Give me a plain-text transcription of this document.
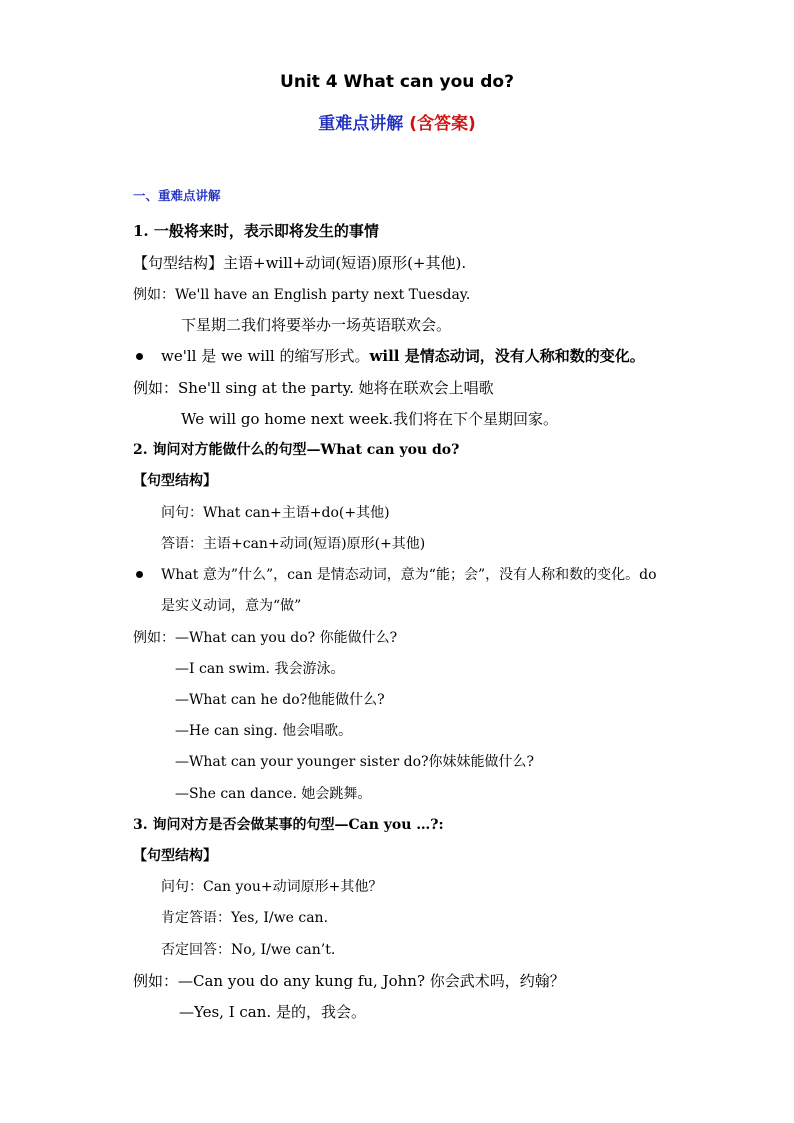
Unit 4 What can you do?
重难点讲解 (含答案)
一、重难点讲解
1. 一般将来时，表示即将发生的事情
【句型结构】主语+will+动词(短语)原形(+其他).
例如：We'll have an English party next Tuesday.
下星期二我们将要举办一场英语联欢会。
we'll 是 we will 的缩写形式。will 是情态动词，没有人称和数的变化。
例如：She'll sing at the party. 她将在联欢会上唱歌
We will go home next week.我们将在下个星期回家。
2. 询问对方能做什么的句型—What can you do?
【句型结构】
问句：What can+主语+do(+其他)
答语：主语+can+动词(短语)原形(+其他)
What 意为”什么”，can 是情态动词，意为“能；会”，没有人称和数的变化。do
是实义动词，意为“做”
例如： —What can you do? 你能做什么?
—I can swim. 我会游泳。
—What can he do?他能做什么?
—He can sing. 他会唱歌。
—What can your younger sister do?你妹妹能做什么?
—She can dance. 她会跳舞。
3. 询问对方是否会做某事的句型—Can you …?:
【句型结构】
问句：Can you+动词原形+其他？
肯定答语：Yes, I/we can.
否定回答：No, I/we can’t.
例如：—Can you do any kung fu, John? 你会武术吗，约翰？
—Yes, I can. 是的，我会。
